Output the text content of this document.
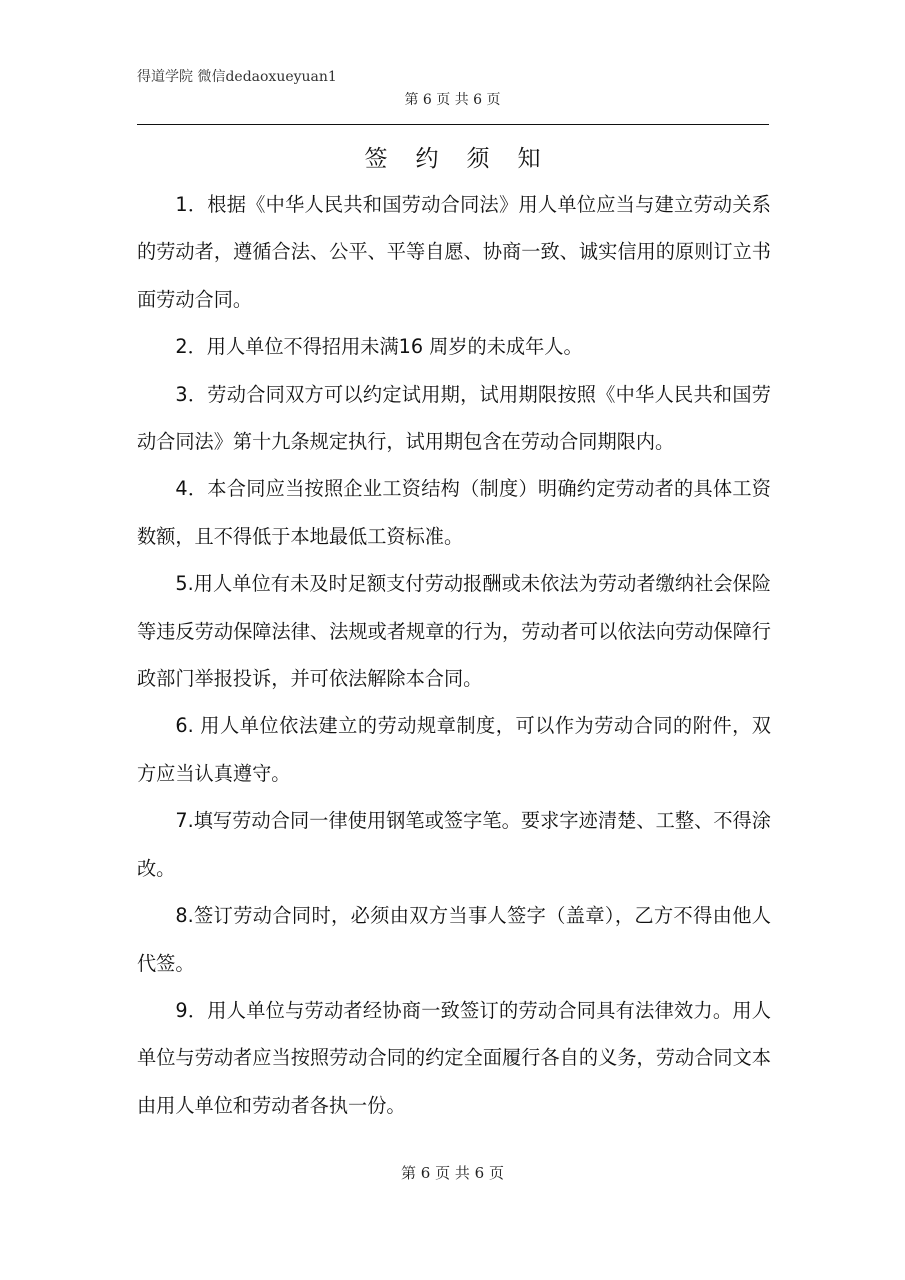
得道学院 微信dedaoxueyuan1
第 6 页 共 6 页
签约须知

1．根据《中华人民共和国劳动合同法》用人单位应当与建立劳动关系的劳动者，遵循合法、公平、平等自愿、协商一致、诚实信用的原则订立书面劳动合同。

2．用人单位不得招用未满16 周岁的未成年人。

3．劳动合同双方可以约定试用期，试用期限按照《中华人民共和国劳动合同法》第十九条规定执行，试用期包含在劳动合同期限内。

4．本合同应当按照企业工资结构（制度）明确约定劳动者的具体工资数额，且不得低于本地最低工资标准。

5.用人单位有未及时足额支付劳动报酬或未依法为劳动者缴纳社会保险等违反劳动保障法律、法规或者规章的行为，劳动者可以依法向劳动保障行政部门举报投诉，并可依法解除本合同。

6. 用人单位依法建立的劳动规章制度，可以作为劳动合同的附件，双方应当认真遵守。

7.填写劳动合同一律使用钢笔或签字笔。要求字迹清楚、工整、不得涂改。

8.签订劳动合同时，必须由双方当事人签字（盖章），乙方不得由他人代签。

9．用人单位与劳动者经协商一致签订的劳动合同具有法律效力。用人单位与劳动者应当按照劳动合同的约定全面履行各自的义务，劳动合同文本由用人单位和劳动者各执一份。

第 6 页 共 6 页
